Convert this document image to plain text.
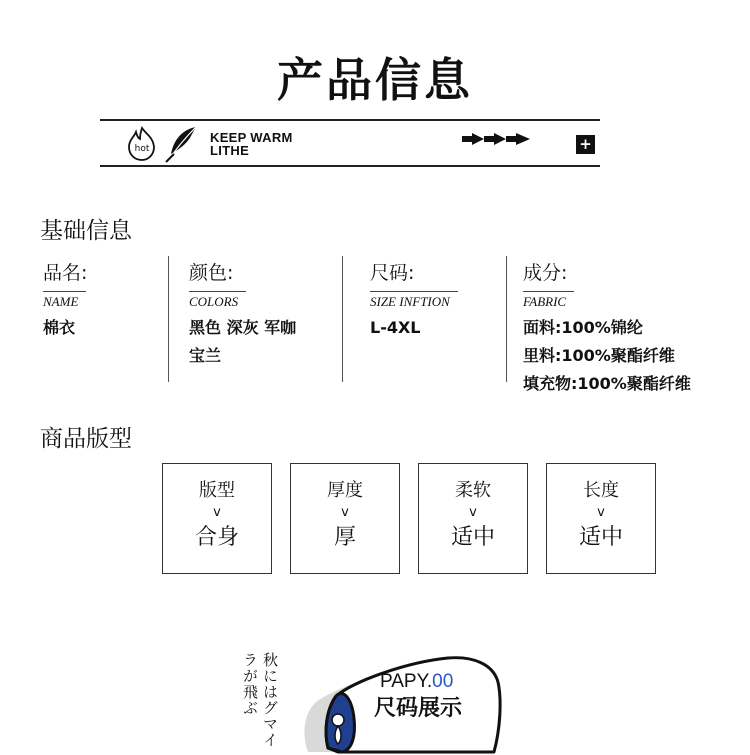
产品信息
hot
KEEP WARM
LITHE	+
基础信息
品名:
NAME
棉衣
颜色:
COLORS
黑色 深灰 军咖
宝兰
尺码:
SIZE INFTION
L-4XL
成分:
FABRIC
面料:100%锦纶
里料:100%聚酯纤维
填充物:100%聚酯纤维
商品版型
版型
v
合身
厚度
v
厚
柔软
v
适中
长度
v
适中
秋にはグマイ
ラが飛ぶ	PAPY.00
尺码展示
